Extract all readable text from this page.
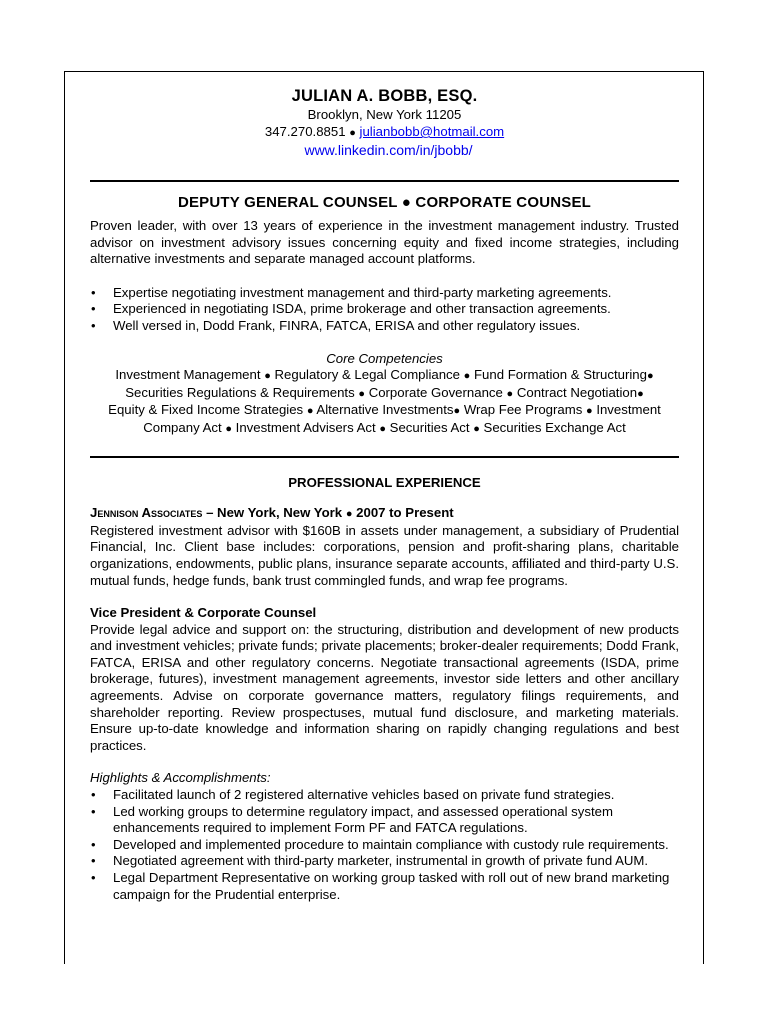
JULIAN A. BOBB, ESQ.
Brooklyn, New York 11205
347.270.8851 ● julianbobb@hotmail.com
www.linkedin.com/in/jbobb/
DEPUTY GENERAL COUNSEL ● CORPORATE COUNSEL
Proven leader, with over 13 years of experience in the investment management industry. Trusted advisor on investment advisory issues concerning equity and fixed income strategies, including alternative investments and separate managed account platforms.
• Expertise negotiating investment management and third-party marketing agreements.
• Experienced in negotiating ISDA, prime brokerage and other transaction agreements.
• Well versed in, Dodd Frank, FINRA, FATCA, ERISA and other regulatory issues.
Core Competencies
Investment Management ● Regulatory & Legal Compliance ● Fund Formation & Structuring●
Securities Regulations & Requirements ● Corporate Governance ● Contract Negotiation●
Equity & Fixed Income Strategies ● Alternative Investments● Wrap Fee Programs ● Investment
Company Act ● Investment Advisers Act ● Securities Act ● Securities Exchange Act
PROFESSIONAL EXPERIENCE
Jennison Associates – New York, New York ● 2007 to Present
Registered investment advisor with $160B in assets under management, a subsidiary of Prudential Financial, Inc. Client base includes: corporations, pension and profit-sharing plans, charitable organizations, endowments, public plans, insurance separate accounts, affiliated and third-party U.S. mutual funds, hedge funds, bank trust commingled funds, and wrap fee programs.
Vice President & Corporate Counsel
Provide legal advice and support on: the structuring, distribution and development of new products and investment vehicles; private funds; private placements; broker-dealer requirements; Dodd Frank, FATCA, ERISA and other regulatory concerns. Negotiate transactional agreements (ISDA, prime brokerage, futures), investment management agreements, investor side letters and other ancillary agreements. Advise on corporate governance matters, regulatory filings requirements, and shareholder reporting. Review prospectuses, mutual fund disclosure, and marketing materials. Ensure up-to-date knowledge and information sharing on rapidly changing regulations and best practices.
Highlights & Accomplishments:
• Facilitated launch of 2 registered alternative vehicles based on private fund strategies.
• Led working groups to determine regulatory impact, and assessed operational system enhancements required to implement Form PF and FATCA regulations.
• Developed and implemented procedure to maintain compliance with custody rule requirements.
• Negotiated agreement with third-party marketer, instrumental in growth of private fund AUM.
• Legal Department Representative on working group tasked with roll out of new brand marketing campaign for the Prudential enterprise.
